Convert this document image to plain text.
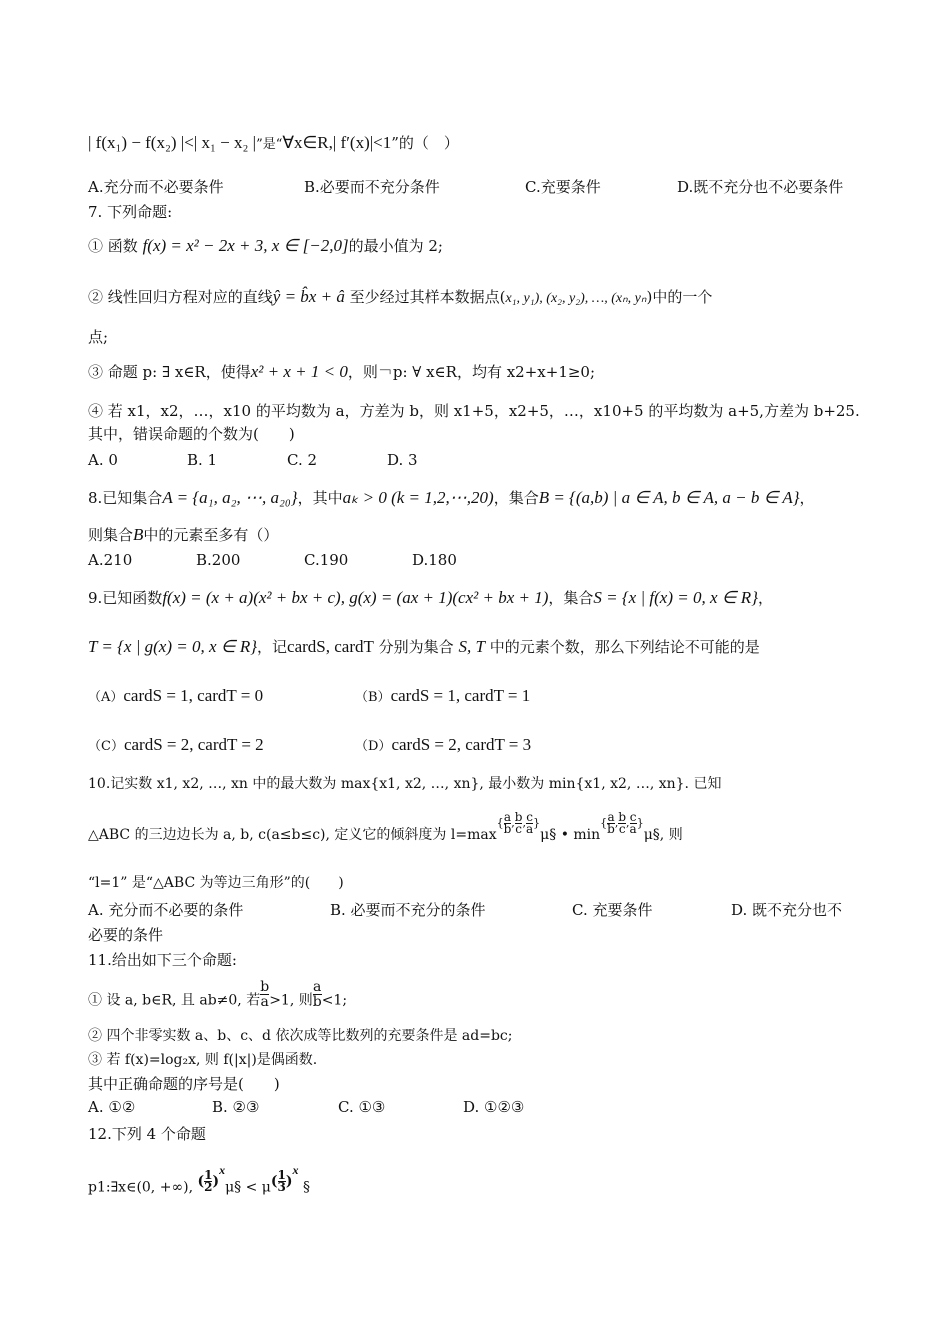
| f(x₁) − f(x₂) |<| x₁ − x₂ |”是“∀x∈R,| f′(x)|<1”的（　）
A.充分而不必要条件	B.必要而不充分条件	C.充要条件	D.既不充分也不必要条件
7. 下列命题:
① 函数 f(x) = x² − 2x + 3, x ∈ [−2,0]的最小值为 2;
② 线性回归方程对应的直线ŷ = b̂x + â 至少经过其样本数据点(x₁, y₁), (x₂, y₂), …, (xₙ, yₙ)中的一个
点;
③ 命题 p: ∃ x∈R，使得x² + x + 1 < 0，则￢p: ∀ x∈R，均有 x2+x+1≥0;
④ 若 x1，x2，…，x10 的平均数为 a，方差为 b，则 x1+5，x2+5，…，x10+5 的平均数为 a+5,方差为 b+25.
其中，错误命题的个数为(　　)
A. 0	B. 1	C. 2	D. 3
8.已知集合A = {a₁, a₂, ⋯, a₂₀}，其中aₖ > 0 (k = 1,2,⋯,20)，集合B = {(a,b) | a ∈ A, b ∈ A, a − b ∈ A}，
则集合B中的元素至多有（）
A.210	B.200	C.190	D.180
9.已知函数f(x) = (x + a)(x² + bx + c), g(x) = (ax + 1)(cx² + bx + 1)，集合S = {x | f(x) = 0, x ∈ R}，
T = {x | g(x) = 0, x ∈ R}，记cardS, cardT 分别为集合 S, T 中的元素个数，那么下列结论不可能的是
（A）cardS = 1, cardT = 0	（B）cardS = 1, cardT = 1
（C）cardS = 2, cardT = 2	（D）cardS = 2, cardT = 3
10.记实数 x1, x2, …, xn 中的最大数为 max{x1, x2, …, xn}, 最小数为 min{x1, x2, …, xn}. 已知
△ABC 的三边边长为 a, b, c(a≤b≤c), 定义它的倾斜度为 $l=\max\{ \frac{a}{b}$ , $\frac{b}{c}$ , $\frac{c}{a}$ }μ§ • $\min\{ \frac{a}{b}$ , $\frac{b}{c}$ , $\frac{c}{a}$ }μ§, 则
“l=1” 是“△ABC 为等边三角形”的(　　)
A. 充分而不必要的条件	B. 必要而不充分的条件	C. 充要条件	D. 既不充分也不
必要的条件
11.给出如下三个命题:
① 设 a, b∈R, 且 ab≠0, 若 $\frac{b}{a} >1$, 则 $\frac{a}{b} <1$;
② 四个非零实数 a、b、c、d 依次成等比数列的充要条件是 ad=bc;
③ 若 f(x)=log₂x, 则 f(|x|)是偶函数.
其中正确命题的序号是(　　)
A. ①②	B. ②③	C. ①③	D. ①②③
12.下列 4 个命题
p1:∃x∈(0, +∞), ( $\frac{1}{2}$ )$^x$μ§ < $\mu( \frac{1}{3} )^x$ §
